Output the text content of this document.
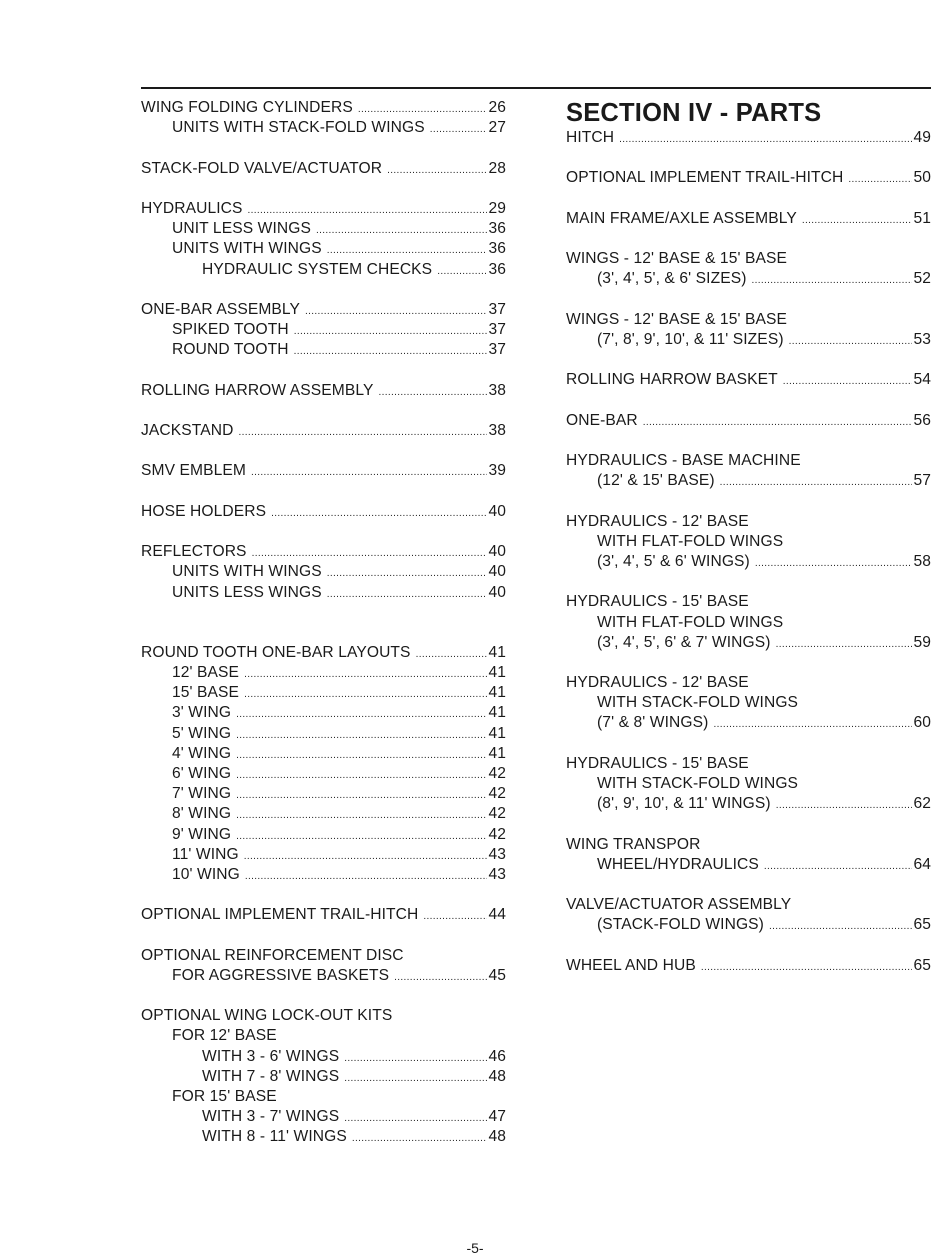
WING FOLDING CYLINDERS .....	26
UNITS WITH STACK-FOLD WINGS .....	27
STACK-FOLD VALVE/ACTUATOR .....	28
HYDRAULICS .....	29
UNIT LESS WINGS .....	36
UNITS WITH WINGS .....	36
HYDRAULIC SYSTEM CHECKS .....	36
ONE-BAR ASSEMBLY .....	37
SPIKED TOOTH .....	37
ROUND TOOTH .....	37
ROLLING HARROW ASSEMBLY .....	38
JACKSTAND .....	38
SMV EMBLEM .....	39
HOSE HOLDERS .....	40
REFLECTORS .....	40
UNITS WITH WINGS .....	40
UNITS LESS WINGS .....	40
ROUND TOOTH ONE-BAR LAYOUTS .....	41
12' BASE .....	41
15' BASE .....	41
3' WING .....	41
5' WING .....	41
4' WING .....	41
6' WING .....	42
7' WING .....	42
8' WING .....	42
9' WING .....	42
11' WING .....	43
10' WING .....	43
OPTIONAL IMPLEMENT TRAIL-HITCH .....	44
OPTIONAL REINFORCEMENT DISC
FOR AGGRESSIVE BASKETS .....	45
OPTIONAL WING LOCK-OUT KITS
FOR 12' BASE
WITH 3 - 6' WINGS .....	46
WITH 7 - 8' WINGS .....	48
FOR 15' BASE
WITH 3 - 7' WINGS .....	47
WITH 8 - 11' WINGS .....	48
SECTION IV - PARTS
HITCH .....	49
OPTIONAL IMPLEMENT TRAIL-HITCH .....	50
MAIN FRAME/AXLE ASSEMBLY .....	51
WINGS - 12' BASE & 15' BASE
(3', 4', 5', & 6' SIZES) .....	52
WINGS - 12' BASE & 15' BASE
(7', 8', 9', 10', & 11' SIZES) .....	53
ROLLING HARROW BASKET .....	54
ONE-BAR .....	56
HYDRAULICS - BASE MACHINE
(12' & 15' BASE) .....	57
HYDRAULICS - 12' BASE
WITH FLAT-FOLD WINGS
(3', 4', 5' & 6' WINGS) .....	58
HYDRAULICS - 15' BASE
WITH FLAT-FOLD WINGS
(3', 4', 5', 6' & 7' WINGS) .....	59
HYDRAULICS - 12' BASE
WITH STACK-FOLD WINGS
(7' & 8' WINGS) .....	60
HYDRAULICS - 15' BASE
WITH STACK-FOLD WINGS
(8', 9', 10', & 11' WINGS) .....	62
WING TRANSPOR
WHEEL/HYDRAULICS .....	64
VALVE/ACTUATOR ASSEMBLY
(STACK-FOLD WINGS) .....	65
WHEEL AND HUB .....	65
-5-
